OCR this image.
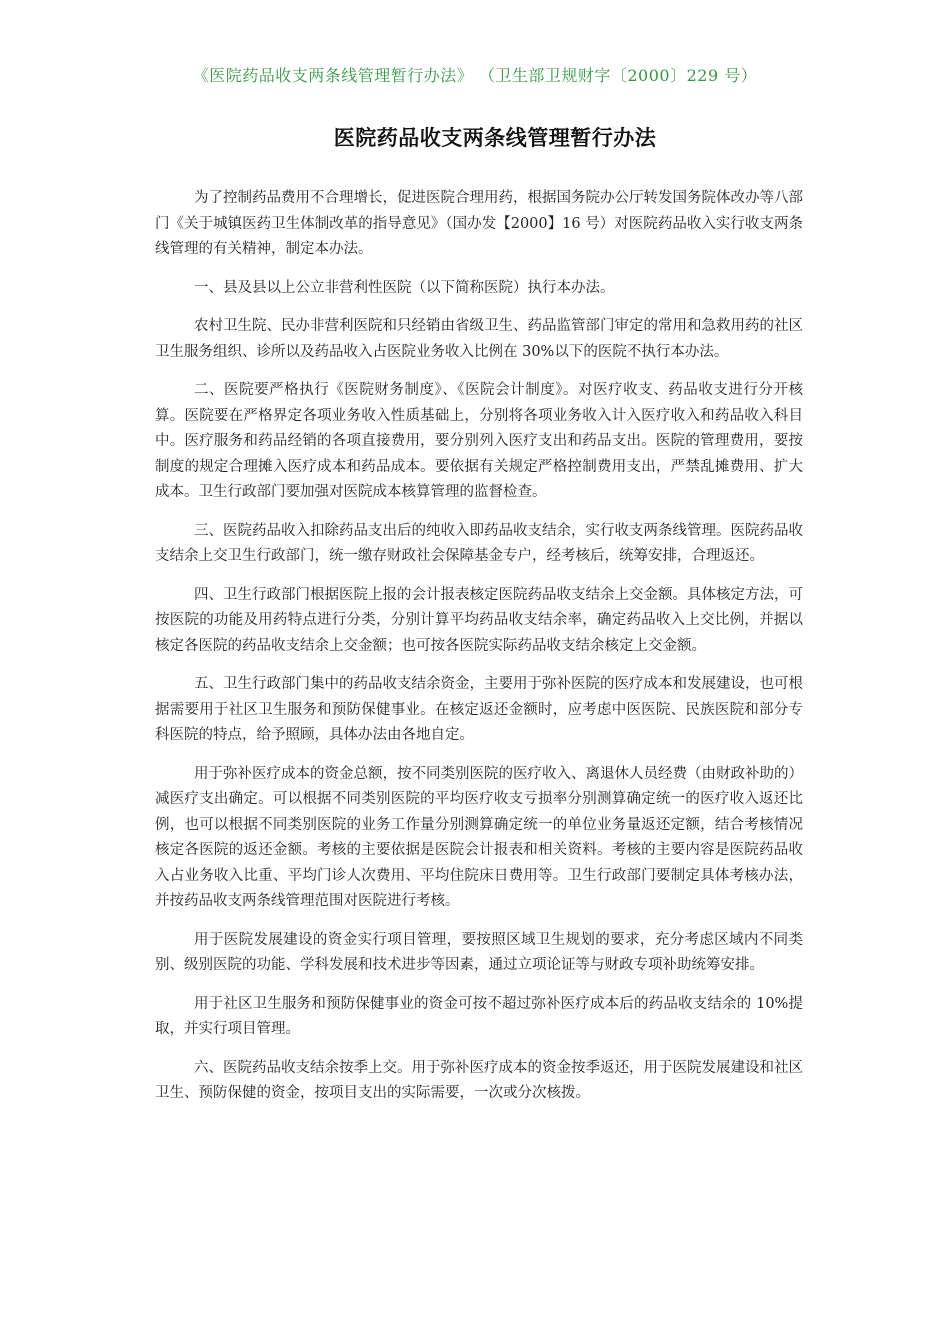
《医院药品收支两条线管理暂行办法》 （卫生部卫规财字〔2000〕229 号）
医院药品收支两条线管理暂行办法

为了控制药品费用不合理增长，促进医院合理用药，根据国务院办公厅转发国务院体改办等八部门《关于城镇医药卫生体制改革的指导意见》（国办发【2000】16 号）对医院药品收入实行收支两条线管理的有关精神，制定本办法。

一、县及县以上公立非营利性医院（以下简称医院）执行本办法。

农村卫生院、民办非营利医院和只经销由省级卫生、药品监管部门审定的常用和急救用药的社区卫生服务组织、诊所以及药品收入占医院业务收入比例在 30%以下的医院不执行本办法。

二、医院要严格执行《医院财务制度》、《医院会计制度》。对医疗收支、药品收支进行分开核算。医院要在严格界定各项业务收入性质基础上，分别将各项业务收入计入医疗收入和药品收入科目中。医疗服务和药品经销的各项直接费用，要分别列入医疗支出和药品支出。医院的管理费用，要按制度的规定合理摊入医疗成本和药品成本。要依据有关规定严格控制费用支出，严禁乱摊费用、扩大成本。卫生行政部门要加强对医院成本核算管理的监督检查。

三、医院药品收入扣除药品支出后的纯收入即药品收支结余，实行收支两条线管理。医院药品收支结余上交卫生行政部门，统一缴存财政社会保障基金专户，经考核后，统筹安排，合理返还。

四、卫生行政部门根据医院上报的会计报表核定医院药品收支结余上交金额。具体核定方法，可按医院的功能及用药特点进行分类，分别计算平均药品收支结余率，确定药品收入上交比例，并据以核定各医院的药品收支结余上交金额；也可按各医院实际药品收支结余核定上交金额。

五、卫生行政部门集中的药品收支结余资金，主要用于弥补医院的医疗成本和发展建设，也可根据需要用于社区卫生服务和预防保健事业。在核定返还金额时，应考虑中医医院、民族医院和部分专科医院的特点，给予照顾，具体办法由各地自定。

用于弥补医疗成本的资金总额，按不同类别医院的医疗收入、离退休人员经费（由财政补助的）减医疗支出确定。可以根据不同类别医院的平均医疗收支亏损率分别测算确定统一的医疗收入返还比例，也可以根据不同类别医院的业务工作量分别测算确定统一的单位业务量返还定额，结合考核情况核定各医院的返还金额。考核的主要依据是医院会计报表和相关资料。考核的主要内容是医院药品收入占业务收入比重、平均门诊人次费用、平均住院床日费用等。卫生行政部门要制定具体考核办法，并按药品收支两条线管理范围对医院进行考核。

用于医院发展建设的资金实行项目管理，要按照区域卫生规划的要求，充分考虑区域内不同类别、级别医院的功能、学科发展和技术进步等因素，通过立项论证等与财政专项补助统筹安排。

用于社区卫生服务和预防保健事业的资金可按不超过弥补医疗成本后的药品收支结余的 10%提取，并实行项目管理。

六、医院药品收支结余按季上交。用于弥补医疗成本的资金按季返还，用于医院发展建设和社区卫生、预防保健的资金，按项目支出的实际需要，一次或分次核拨。
